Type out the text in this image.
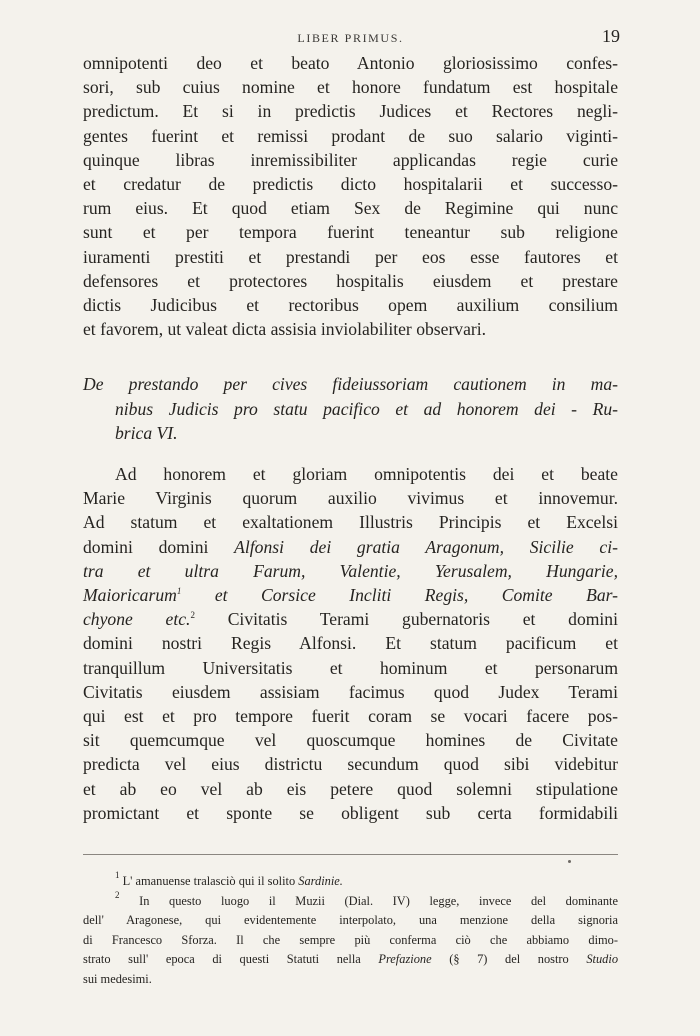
LIBER PRIMUS.	19

omnipotenti deo et beato Antonio gloriosissimo confes-
sori, sub cuius nomine et honore fundatum est hospitale
predictum. Et si in predictis Judices et Rectores negli-
gentes fuerint et remissi prodant de suo salario viginti-
quinque libras inremissibiliter applicandas regie curie
et credatur de predictis dicto hospitalarii et successo-
rum eius. Et quod etiam Sex de Regimine qui nunc
sunt et per tempora fuerint teneantur sub religione
iuramenti prestiti et prestandi per eos esse fautores et
defensores et protectores hospitalis eiusdem et prestare
dictis Judicibus et rectoribus opem auxilium consilium
et favorem, ut valeat dicta assisia inviolabiliter observari.

De prestando per cives fideiussoriam cautionem in ma-
nibus Judicis pro statu pacifico et ad honorem dei - Ru-
brica VI.

Ad honorem et gloriam omnipotentis dei et beate
Marie Virginis quorum auxilio vivimus et innovemur.
Ad statum et exaltationem Illustris Principis et Excelsi
domini domini Alfonsi dei gratia Aragonum, Sicilie ci-
tra et ultra Farum, Valentie, Yerusalem, Hungarie,
Maioricarum$^1$ et Corsice Incliti Regis, Comite Bar-
chyone etc.$^2$ Civitatis Terami gubernatoris et domini
domini nostri Regis Alfonsi. Et statum pacificum et
tranquillum Universitatis et hominum et personarum
Civitatis eiusdem assisiam facimus quod Judex Terami
qui est et pro tempore fuerit coram se vocari facere pos-
sit quemcumque vel quoscumque homines de Civitate
predicta vel eius districtu secundum quod sibi videbitur
et ab eo vel ab eis petere quod solemni stipulatione
promictant et sponte se obligent sub certa formidabili

$^1$ L' amanuense tralasciò qui il solito Sardinie.
$^2$ In questo luogo il Muzii (Dial. IV) legge, invece del dominante
dell' Aragonese, qui evidentemente interpolato, una menzione della signoria
di Francesco Sforza. Il che sempre più conferma ciò che abbiamo dimo-
strato sull' epoca di questi Statuti nella Prefazione (§ 7) del nostro Studio
sui medesimi.
